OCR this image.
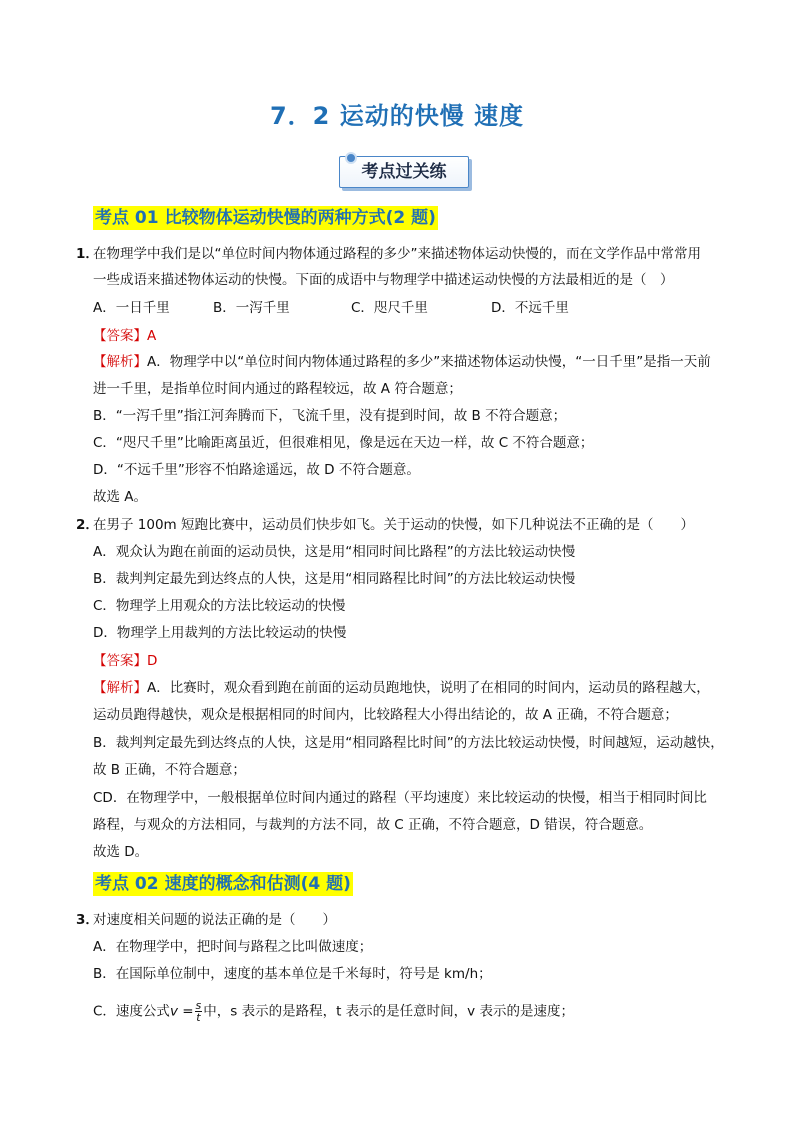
7．2 运动的快慢 速度
考点过关练
考点 01 比较物体运动快慢的两种方式(2 题)
1．
在物理学中我们是以“单位时间内物体通过路程的多少”来描述物体运动快慢的，而在文学作品中常常用
一些成语来描述物体运动的快慢。下面的成语中与物理学中描述运动快慢的方法最相近的是（　）
A．一日千里	B．一泻千里	C．咫尺千里	D．不远千里
【答案】A
【解析】A．物理学中以“单位时间内物体通过路程的多少”来描述物体运动快慢，“一日千里”是指一天前
进一千里，是指单位时间内通过的路程较远，故 A 符合题意；
B．“一泻千里”指江河奔腾而下，飞流千里，没有提到时间，故 B 不符合题意；
C．“咫尺千里”比喻距离虽近，但很难相见，像是远在天边一样，故 C 不符合题意；
D．“不远千里”形容不怕路途遥远，故 D 不符合题意。
故选 A。
2．
在男子 100m 短跑比赛中，运动员们快步如飞。关于运动的快慢，如下几种说法不正确的是（　　）
A．观众认为跑在前面的运动员快，这是用“相同时间比路程”的方法比较运动快慢
B．裁判判定最先到达终点的人快，这是用“相同路程比时间”的方法比较运动快慢
C．物理学上用观众的方法比较运动的快慢
D．物理学上用裁判的方法比较运动的快慢
【答案】D
【解析】A．比赛时，观众看到跑在前面的运动员跑地快，说明了在相同的时间内，运动员的路程越大，
运动员跑得越快，观众是根据相同的时间内，比较路程大小得出结论的，故 A 正确，不符合题意；
B．裁判判定最先到达终点的人快，这是用“相同路程比时间”的方法比较运动快慢，时间越短，运动越快，
故 B 正确，不符合题意；
CD．在物理学中，一般根据单位时间内通过的路程（平均速度）来比较运动的快慢，相当于相同时间比
路程，与观众的方法相同，与裁判的方法不同，故 C 正确，不符合题意，D 错误，符合题意。
故选 D。
考点 02 速度的概念和估测(4 题)
3．
对速度相关问题的说法正确的是（　　）
A．在物理学中，把时间与路程之比叫做速度；
B．在国际单位制中，速度的基本单位是千米每时，符号是 km/h；
C．速度公式$v = \frac{s}{t}$ 中，s 表示的是路程，t 表示的是任意时间，v 表示的是速度；
